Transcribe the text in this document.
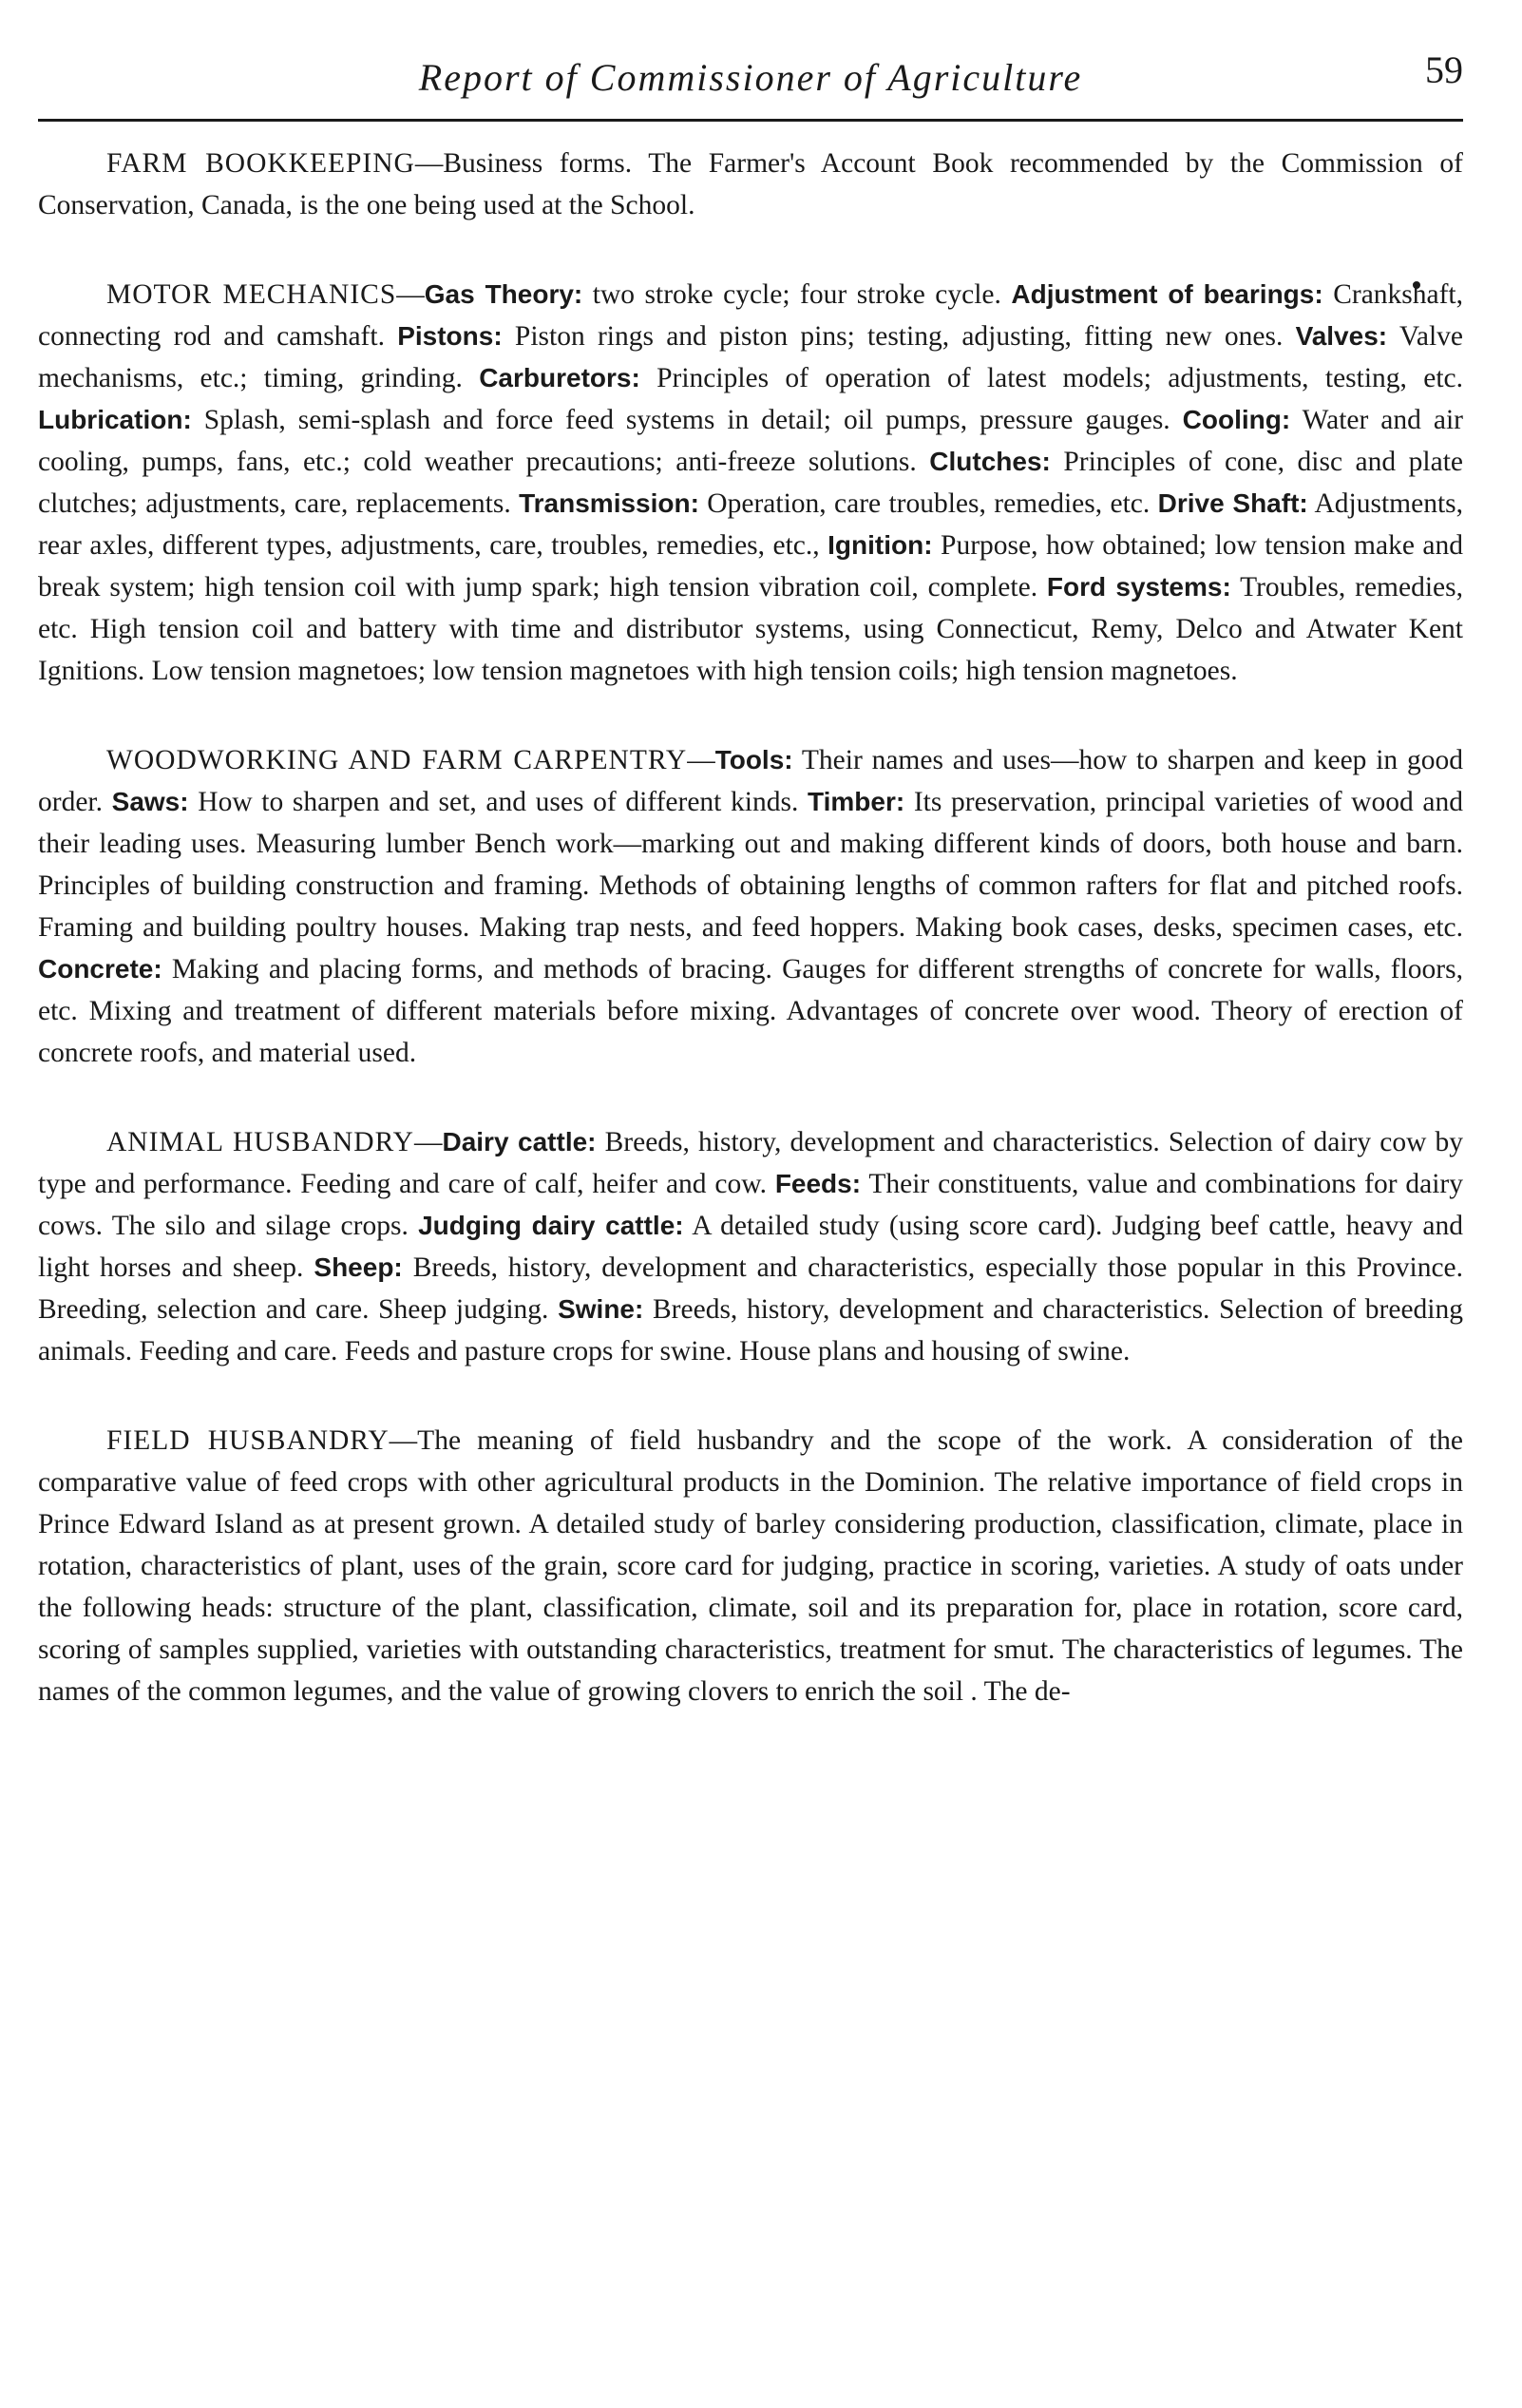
Report of Commissioner of Agriculture	59

FARM BOOKKEEPING—Business forms. The Farmer's Account Book recommended by the Commission of Conservation, Canada, is the one being used at the School.

MOTOR MECHANICS—Gas Theory: two stroke cycle; four stroke cycle. Adjustment of bearings: Crankshaft, connecting rod and camshaft. Pistons: Piston rings and piston pins; testing, adjusting, fitting new ones. Valves: Valve mechanisms, etc.; timing, grinding. Carburetors: Principles of operation of latest models; adjustments, testing, etc. Lubrication: Splash, semi-splash and force feed systems in detail; oil pumps, pressure gauges. Cooling: Water and air cooling, pumps, fans, etc.; cold weather precautions; anti-freeze solutions. Clutches: Principles of cone, disc and plate clutches; adjustments, care, replacements. Transmission: Operation, care troubles, remedies, etc. Drive Shaft: Adjustments, rear axles, different types, adjustments, care, troubles, remedies, etc., Ignition: Purpose, how obtained; low tension make and break system; high tension coil with jump spark; high tension vibration coil, complete. Ford systems: Troubles, remedies, etc. High tension coil and battery with time and distributor systems, using Connecticut, Remy, Delco and Atwater Kent Ignitions. Low tension magnetoes; low tension magnetoes with high tension coils; high tension magnetoes.

WOODWORKING AND FARM CARPENTRY—Tools: Their names and uses—how to sharpen and keep in good order. Saws: How to sharpen and set, and uses of different kinds. Timber: Its preservation, principal varieties of wood and their leading uses. Measuring lumber Bench work—marking out and making different kinds of doors, both house and barn. Principles of building construction and framing. Methods of obtaining lengths of common rafters for flat and pitched roofs. Framing and building poultry houses. Making trap nests, and feed hoppers. Making book cases, desks, specimen cases, etc. Concrete: Making and placing forms, and methods of bracing. Gauges for different strengths of concrete for walls, floors, etc. Mixing and treatment of different materials before mixing. Advantages of concrete over wood. Theory of erection of concrete roofs, and material used.

ANIMAL HUSBANDRY—Dairy cattle: Breeds, history, development and characteristics. Selection of dairy cow by type and performance. Feeding and care of calf, heifer and cow. Feeds: Their constituents, value and combinations for dairy cows. The silo and silage crops. Judging dairy cattle: A detailed study (using score card). Judging beef cattle, heavy and light horses and sheep. Sheep: Breeds, history, development and characteristics, especially those popular in this Province. Breeding, selection and care. Sheep judging. Swine: Breeds, history, development and characteristics. Selection of breeding animals. Feeding and care. Feeds and pasture crops for swine. House plans and housing of swine.

FIELD HUSBANDRY—The meaning of field husbandry and the scope of the work. A consideration of the comparative value of feed crops with other agricultural products in the Dominion. The relative importance of field crops in Prince Edward Island as at present grown. A detailed study of barley considering production, classification, climate, place in rotation, characteristics of plant, uses of the grain, score card for judging, practice in scoring, varieties. A study of oats under the following heads: structure of the plant, classification, climate, soil and its preparation for, place in rotation, score card, scoring of samples supplied, varieties with outstanding characteristics, treatment for smut. The characteristics of legumes. The names of the common legumes, and the value of growing clovers to enrich the soil . The de-
